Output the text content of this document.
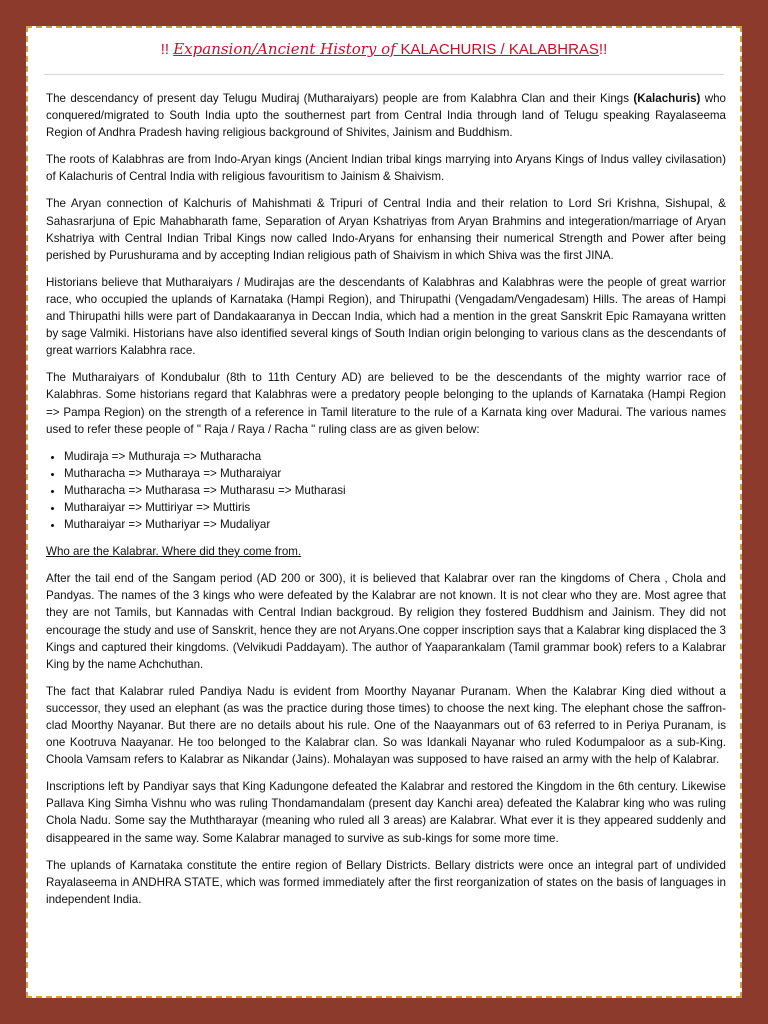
!! Expansion/Ancient History of KALACHURIS / KALABHRAS!!

The descendancy of present day Telugu Mudiraj (Mutharaiyars) people are from Kalabhra Clan and their Kings (Kalachuris) who conquered/migrated to South India upto the southernest part from Central India through land of Telugu speaking Rayalaseema Region of Andhra Pradesh having religious background of Shivites, Jainism and Buddhism.

The roots of Kalabhras are from Indo-Aryan kings (Ancient Indian tribal kings marrying into Aryans Kings of Indus valley civilasation) of Kalachuris of Central India with religious favouritism to Jainism & Shaivism.

The Aryan connection of Kalchuris of Mahishmati & Tripuri of Central India and their relation to Lord Sri Krishna, Sishupal, & Sahasrarjuna of Epic Mahabharath fame, Separation of Aryan Kshatriyas from Aryan Brahmins and integeration/marriage of Aryan Kshatriya with Central Indian Tribal Kings now called Indo-Aryans for enhansing their numerical Strength and Power after being perished by Purushurama and by accepting Indian religious path of Shaivism in which Shiva was the first JINA.

Historians believe that Mutharaiyars / Mudirajas are the descendants of Kalabhras and Kalabhras were the people of great warrior race, who occupied the uplands of Karnataka (Hampi Region), and Thirupathi (Vengadam/Vengadesam) Hills. The areas of Hampi and Thirupathi hills were part of Dandakaaranya in Deccan India, which had a mention in the great Sanskrit Epic Ramayana written by sage Valmiki. Historians have also identified several kings of South Indian origin belonging to various clans as the descendants of great warriors Kalabhra race.

The Mutharaiyars of Kondubalur (8th to 11th Century AD) are believed to be the descendants of the mighty warrior race of Kalabhras. Some historians regard that Kalabhras were a predatory people belonging to the uplands of Karnataka (Hampi Region => Pampa Region) on the strength of a reference in Tamil literature to the rule of a Karnata king over Madurai. The various names used to refer these people of " Raja / Raya / Racha " ruling class are as given below:

• Mudiraja => Muthuraja => Mutharacha
• Mutharacha => Mutharaya => Mutharaiyar
• Mutharacha => Mutharasa => Mutharasu => Mutharasi
• Mutharaiyar => Muttiriyar => Muttiris
• Mutharaiyar => Muthariyar => Mudaliyar

Who are the Kalabrar. Where did they come from.

After the tail end of the Sangam period (AD 200 or 300), it is believed that Kalabrar over ran the kingdoms of Chera , Chola and Pandyas. The names of the 3 kings who were defeated by the Kalabrar are not known. It is not clear who they are. Most agree that they are not Tamils, but Kannadas with Central Indian backgroud. By religion they fostered Buddhism and Jainism. They did not encourage the study and use of Sanskrit, hence they are not Aryans.One copper inscription says that a Kalabrar king displaced the 3 Kings and captured their kingdoms. (Velvikudi Paddayam). The author of Yaaparankalam (Tamil grammar book) refers to a Kalabrar King by the name Achchuthan.

The fact that Kalabrar ruled Pandiya Nadu is evident from Moorthy Nayanar Puranam. When the Kalabrar King died without a successor, they used an elephant (as was the practice during those times) to choose the next king. The elephant chose the saffron-clad Moorthy Nayanar. But there are no details about his rule. One of the Naayanmars out of 63 referred to in Periya Puranam, is one Kootruva Naayanar. He too belonged to the Kalabrar clan. So was Idankali Nayanar who ruled Kodumpaloor as a sub-King. Choola Vamsam refers to Kalabrar as Nikandar (Jains). Mohalayan was supposed to have raised an army with the help of Kalabrar.

Inscriptions left by Pandiyar says that King Kadungone defeated the Kalabrar and restored the Kingdom in the 6th century. Likewise Pallava King Simha Vishnu who was ruling Thondamandalam (present day Kanchi area) defeated the Kalabrar king who was ruling Chola Nadu. Some say the Muththarayar (meaning who ruled all 3 areas) are Kalabrar. What ever it is they appeared suddenly and disappeared in the same way. Some Kalabrar managed to survive as sub-kings for some more time.

The uplands of Karnataka constitute the entire region of Bellary Districts. Bellary districts were once an integral part of undivided Rayalaseema in ANDHRA STATE, which was formed immediately after the first reorganization of states on the basis of languages in independent India.
